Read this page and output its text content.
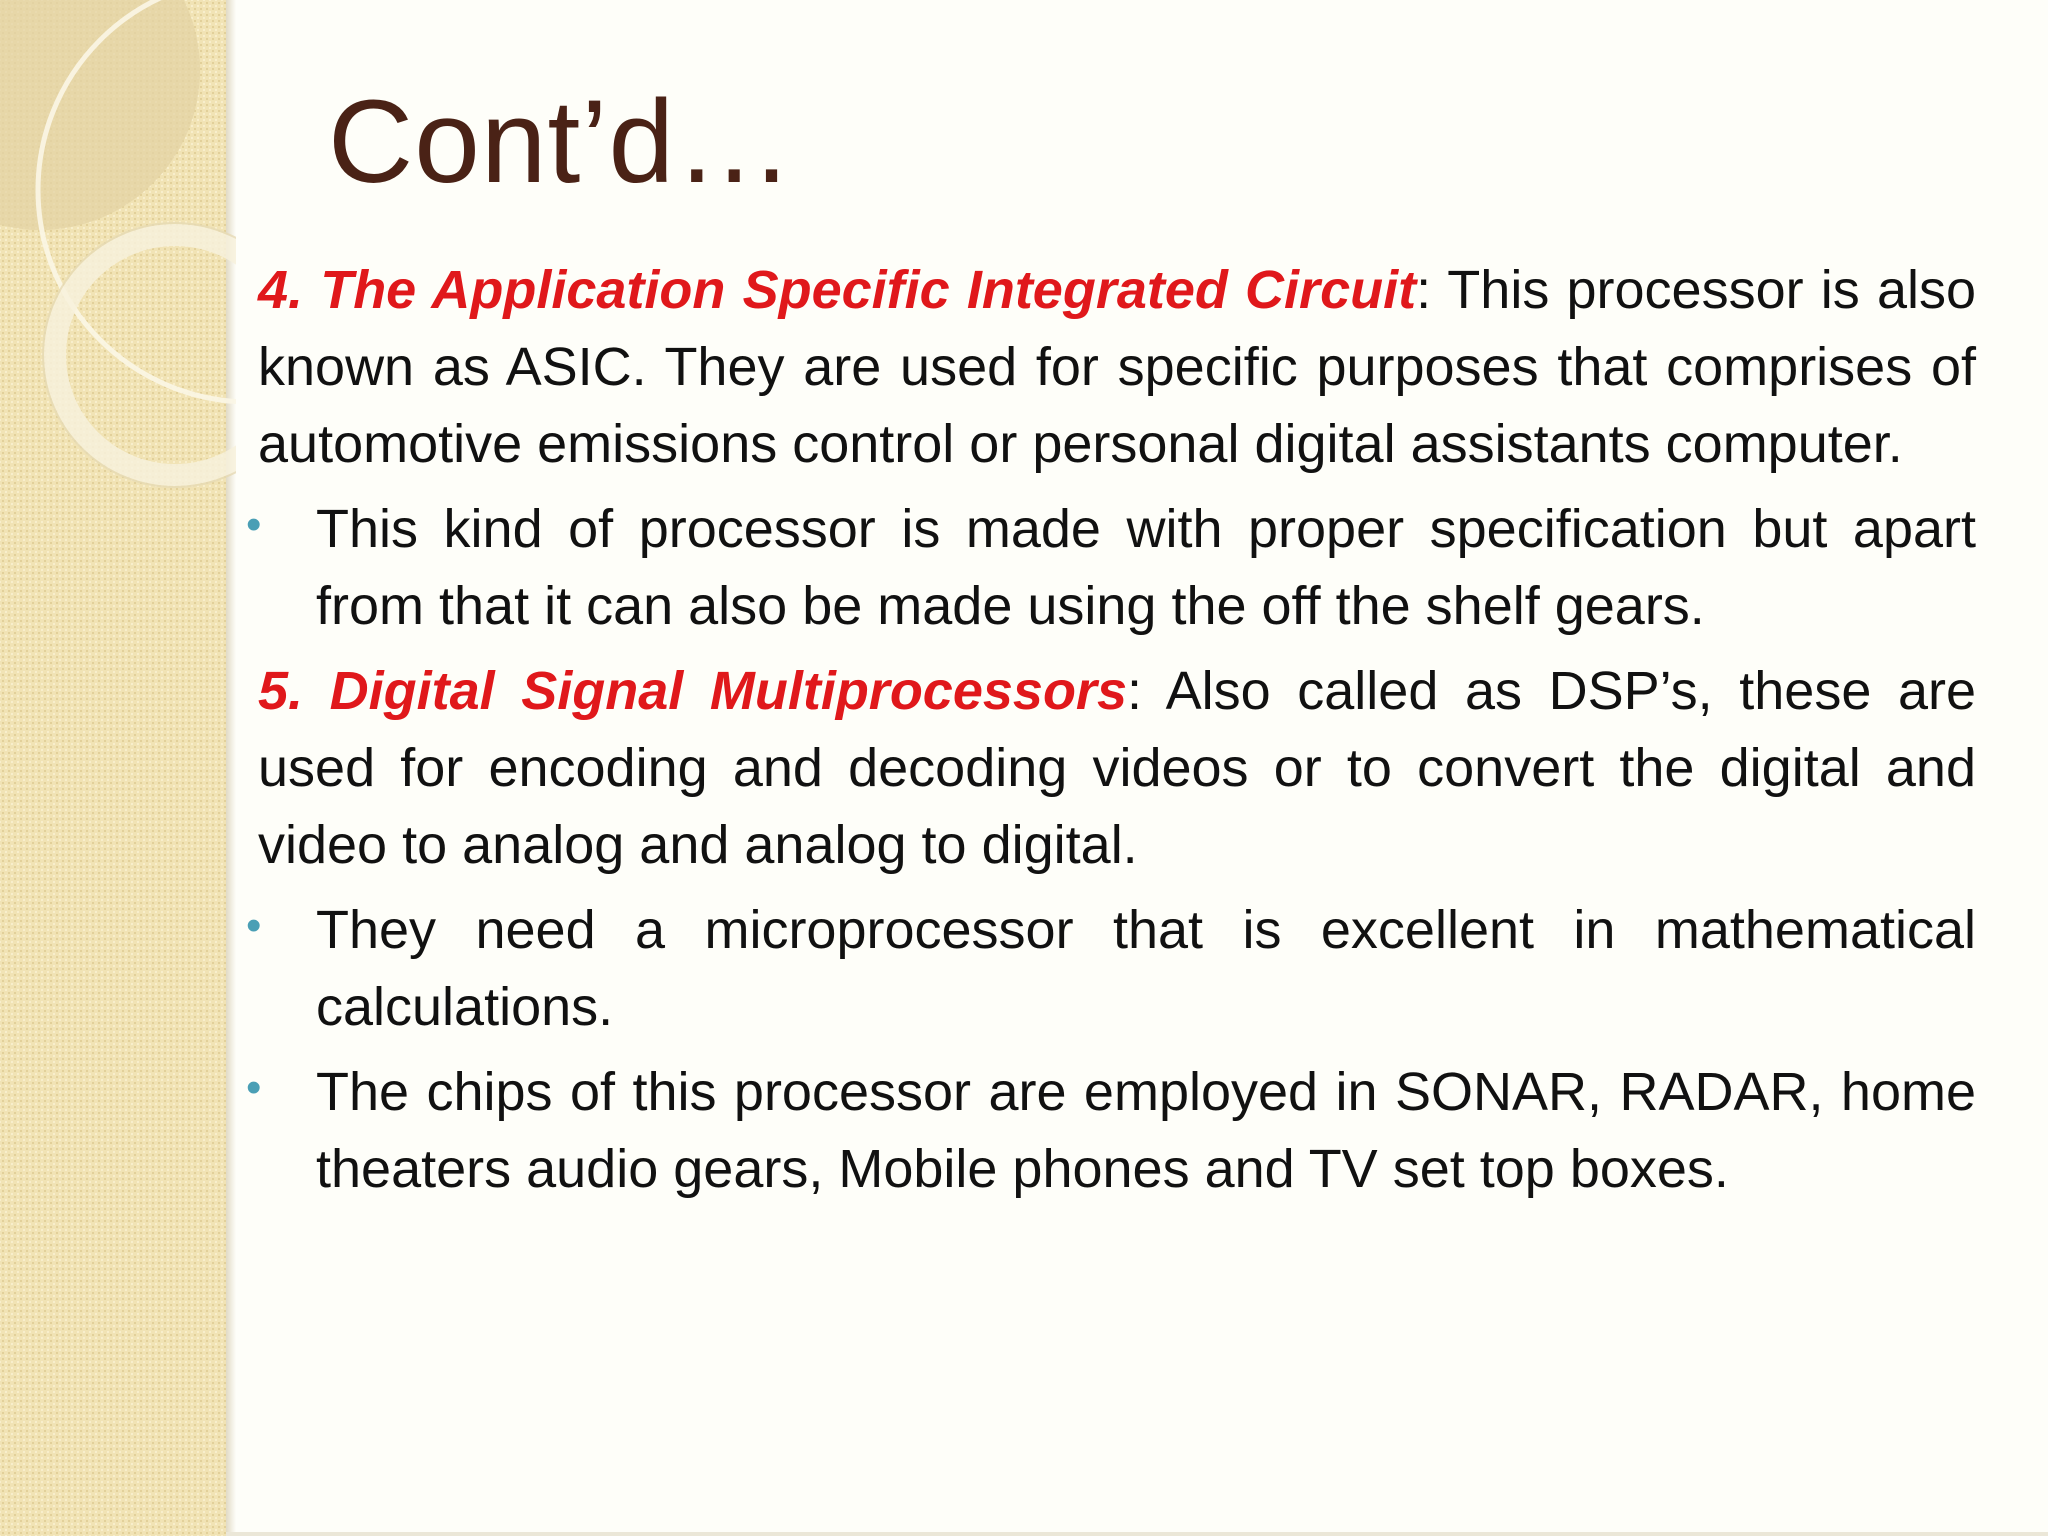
Cont’d…

4. The Application Specific Integrated Circuit: This processor is also known as ASIC. They are used for specific purposes that comprises of automotive emissions control or personal digital assistants computer.

• This kind of processor is made with proper specification but apart from that it can also be made using the off the shelf gears.

5. Digital Signal Multiprocessors: Also called as DSP’s, these are used for encoding and decoding videos or to convert the digital and video to analog and analog to digital.

• They need a microprocessor that is excellent in mathematical calculations.
• The chips of this processor are employed in SONAR, RADAR, home theaters audio gears, Mobile phones and TV set top boxes.
